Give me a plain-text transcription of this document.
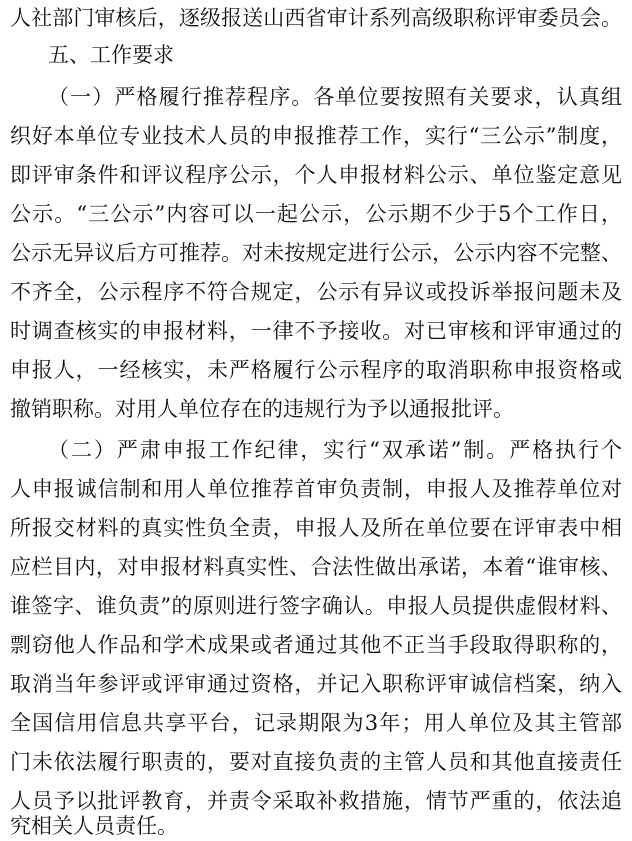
人社部门审核后，逐级报送山西省审计系列高级职称评审委员会。
五、工作要求
（一）严格履行推荐程序。各单位要按照有关要求，认真组
织好本单位专业技术人员的申报推荐工作，实行“三公示”制度，
即评审条件和评议程序公示，个人申报材料公示、单位鉴定意见
公示。“三公示”内容可以一起公示，公示期不少于5个工作日，
公示无异议后方可推荐。对未按规定进行公示，公示内容不完整、
不齐全，公示程序不符合规定，公示有异议或投诉举报问题未及
时调查核实的申报材料，一律不予接收。对已审核和评审通过的
申报人，一经核实，未严格履行公示程序的取消职称申报资格或
撤销职称。对用人单位存在的违规行为予以通报批评。
（二）严肃申报工作纪律，实行“双承诺”制。严格执行个
人申报诚信制和用人单位推荐首审负责制，申报人及推荐单位对
所报交材料的真实性负全责，申报人及所在单位要在评审表中相
应栏目内，对申报材料真实性、合法性做出承诺，本着“谁审核、
谁签字、谁负责”的原则进行签字确认。申报人员提供虚假材料、
剽窃他人作品和学术成果或者通过其他不正当手段取得职称的，
取消当年参评或评审通过资格，并记入职称评审诚信档案，纳入
全国信用信息共享平台，记录期限为3年；用人单位及其主管部
门未依法履行职责的，要对直接负责的主管人员和其他直接责任
人员予以批评教育，并责令采取补救措施，情节严重的，依法追
究相关人员责任。
